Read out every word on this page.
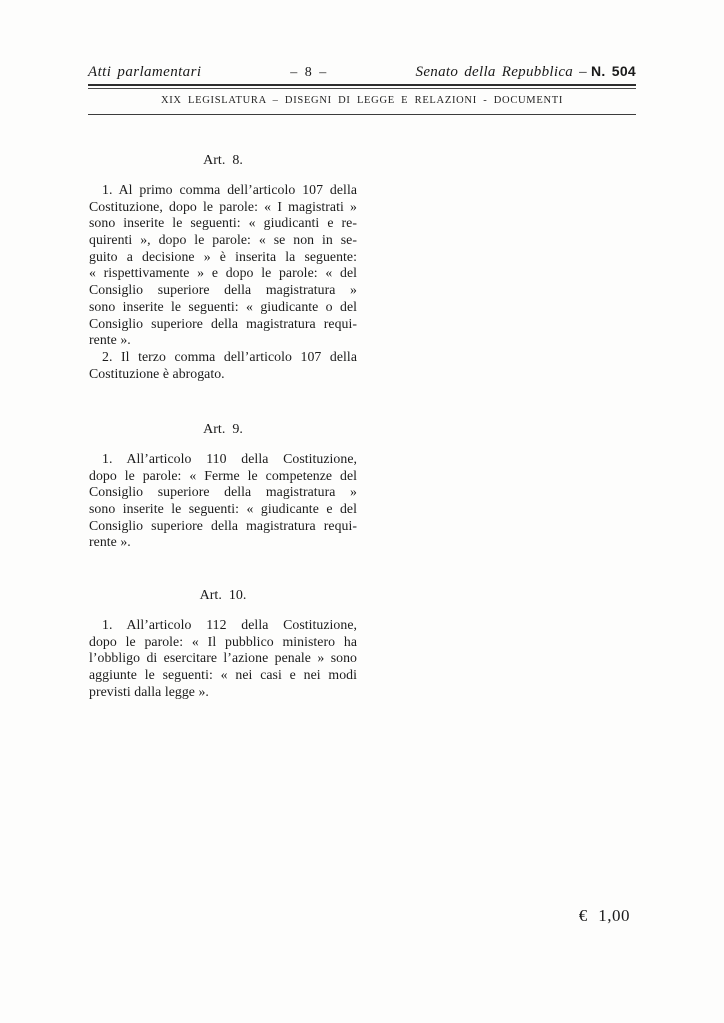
Atti parlamentari	– 8 –	Senato della Repubblica – N. 504
XIX LEGISLATURA – DISEGNI DI LEGGE E RELAZIONI - DOCUMENTI
Art. 8.
1. Al primo comma dell’articolo 107 della
Costituzione, dopo le parole: « I magistrati »
sono inserite le seguenti: « giudicanti e re-
quirenti », dopo le parole: « se non in se-
guito a decisione » è inserita la seguente:
« rispettivamente » e dopo le parole: « del
Consiglio superiore della magistratura »
sono inserite le seguenti: « giudicante o del
Consiglio superiore della magistratura requi-
rente ».
2. Il terzo comma dell’articolo 107 della
Costituzione è abrogato.
Art. 9.
1. All’articolo 110 della Costituzione,
dopo le parole: « Ferme le competenze del
Consiglio superiore della magistratura »
sono inserite le seguenti: « giudicante e del
Consiglio superiore della magistratura requi-
rente ».
Art. 10.
1. All’articolo 112 della Costituzione,
dopo le parole: « Il pubblico ministero ha
l’obbligo di esercitare l’azione penale » sono
aggiunte le seguenti: « nei casi e nei modi
previsti dalla legge ».
€ 1,00
